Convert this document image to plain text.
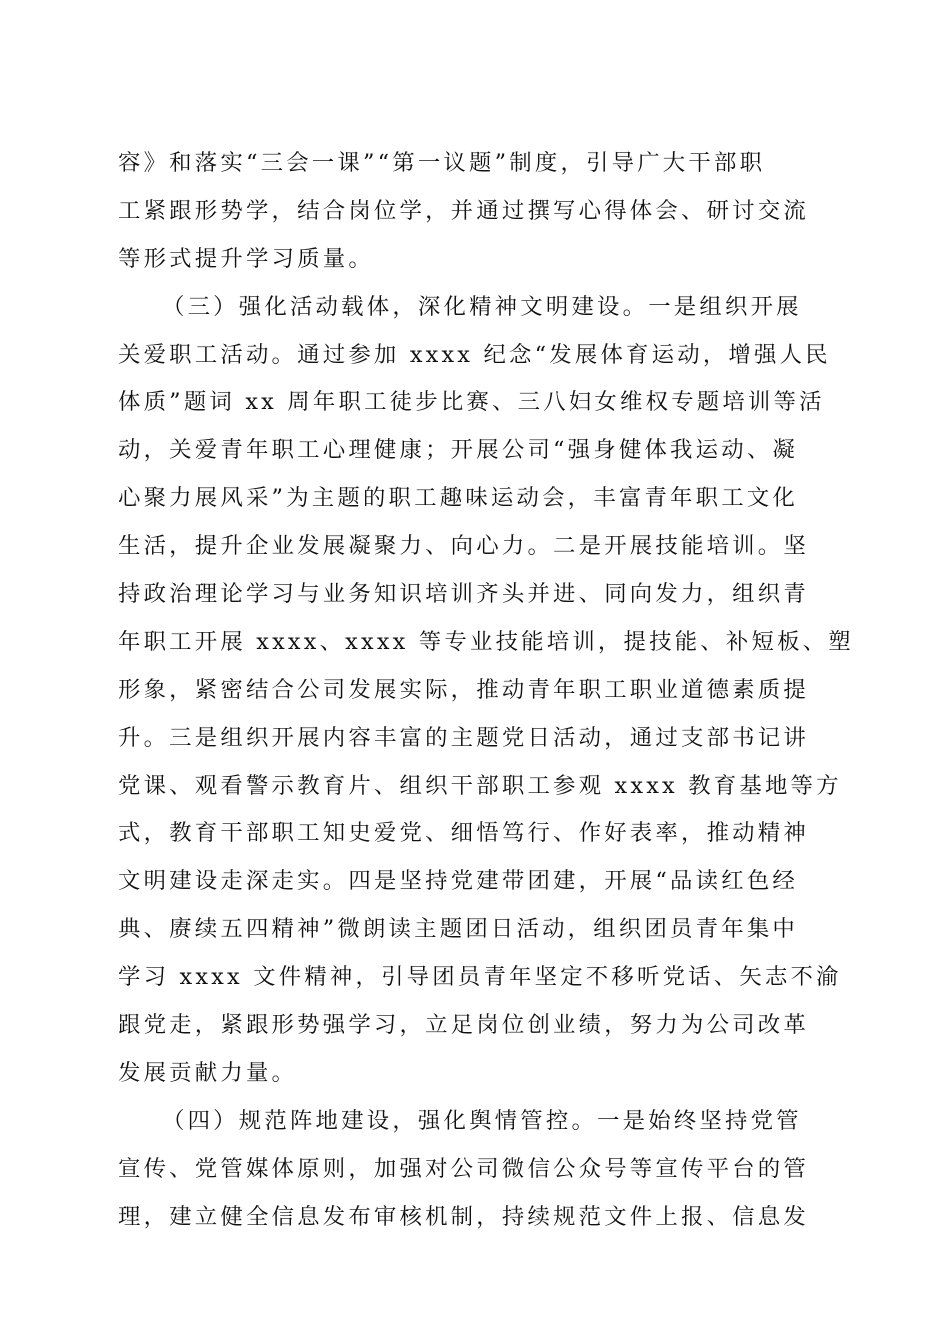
容》和落实“三会一课”“第一议题”制度，引导广大干部职
工紧跟形势学，结合岗位学，并通过撰写心得体会、研讨交流
等形式提升学习质量。
（三）强化活动载体，深化精神文明建设。一是组织开展
关爱职工活动。通过参加 xxxx 纪念“发展体育运动，增强人民
体质”题词 xx 周年职工徒步比赛、三八妇女维权专题培训等活
动，关爱青年职工心理健康；开展公司“强身健体我运动、凝
心聚力展风采”为主题的职工趣味运动会，丰富青年职工文化
生活，提升企业发展凝聚力、向心力。二是开展技能培训。坚
持政治理论学习与业务知识培训齐头并进、同向发力，组织青
年职工开展 xxxx、xxxx 等专业技能培训，提技能、补短板、塑
形象，紧密结合公司发展实际，推动青年职工职业道德素质提
升。三是组织开展内容丰富的主题党日活动，通过支部书记讲
党课、观看警示教育片、组织干部职工参观 xxxx 教育基地等方
式，教育干部职工知史爱党、细悟笃行、作好表率，推动精神
文明建设走深走实。四是坚持党建带团建，开展“品读红色经
典、赓续五四精神”微朗读主题团日活动，组织团员青年集中
学习 xxxx 文件精神，引导团员青年坚定不移听党话、矢志不渝
跟党走，紧跟形势强学习，立足岗位创业绩，努力为公司改革
发展贡献力量。
（四）规范阵地建设，强化舆情管控。一是始终坚持党管
宣传、党管媒体原则，加强对公司微信公众号等宣传平台的管
理，建立健全信息发布审核机制，持续规范文件上报、信息发
